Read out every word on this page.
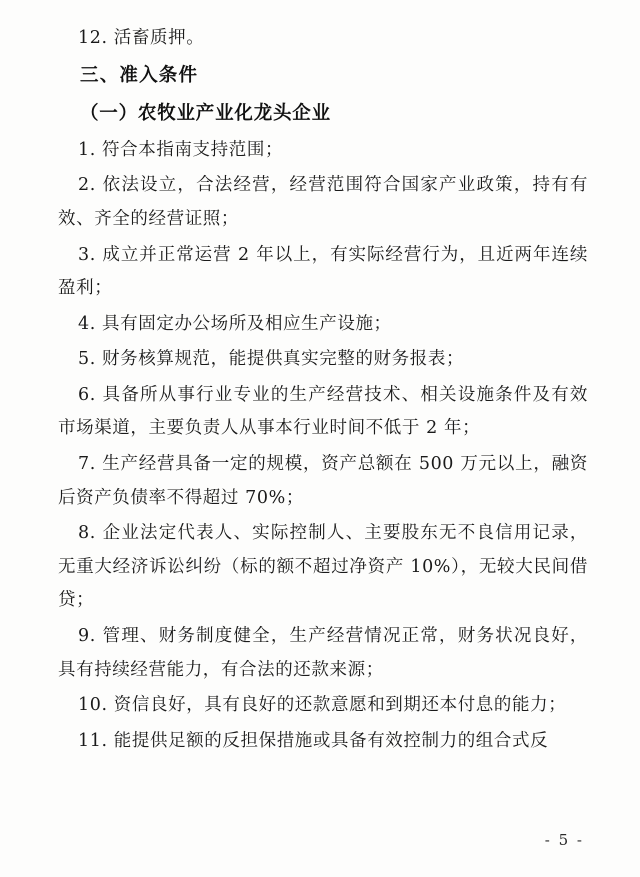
12. 活畜质押。

三、准入条件

（一）农牧业产业化龙头企业

1. 符合本指南支持范围；

2. 依法设立，合法经营，经营范围符合国家产业政策，持有有效、齐全的经营证照；

3. 成立并正常运营 2 年以上，有实际经营行为，且近两年连续盈利；

4. 具有固定办公场所及相应生产设施；

5. 财务核算规范，能提供真实完整的财务报表；

6. 具备所从事行业专业的生产经营技术、相关设施条件及有效市场渠道，主要负责人从事本行业时间不低于 2 年；

7. 生产经营具备一定的规模，资产总额在 500 万元以上，融资后资产负债率不得超过 70%；

8. 企业法定代表人、实际控制人、主要股东无不良信用记录，无重大经济诉讼纠纷（标的额不超过净资产 10%），无较大民间借贷；

9. 管理、财务制度健全，生产经营情况正常，财务状况良好，具有持续经营能力，有合法的还款来源；

10. 资信良好，具有良好的还款意愿和到期还本付息的能力；

11. 能提供足额的反担保措施或具备有效控制力的组合式反

- 5 -
